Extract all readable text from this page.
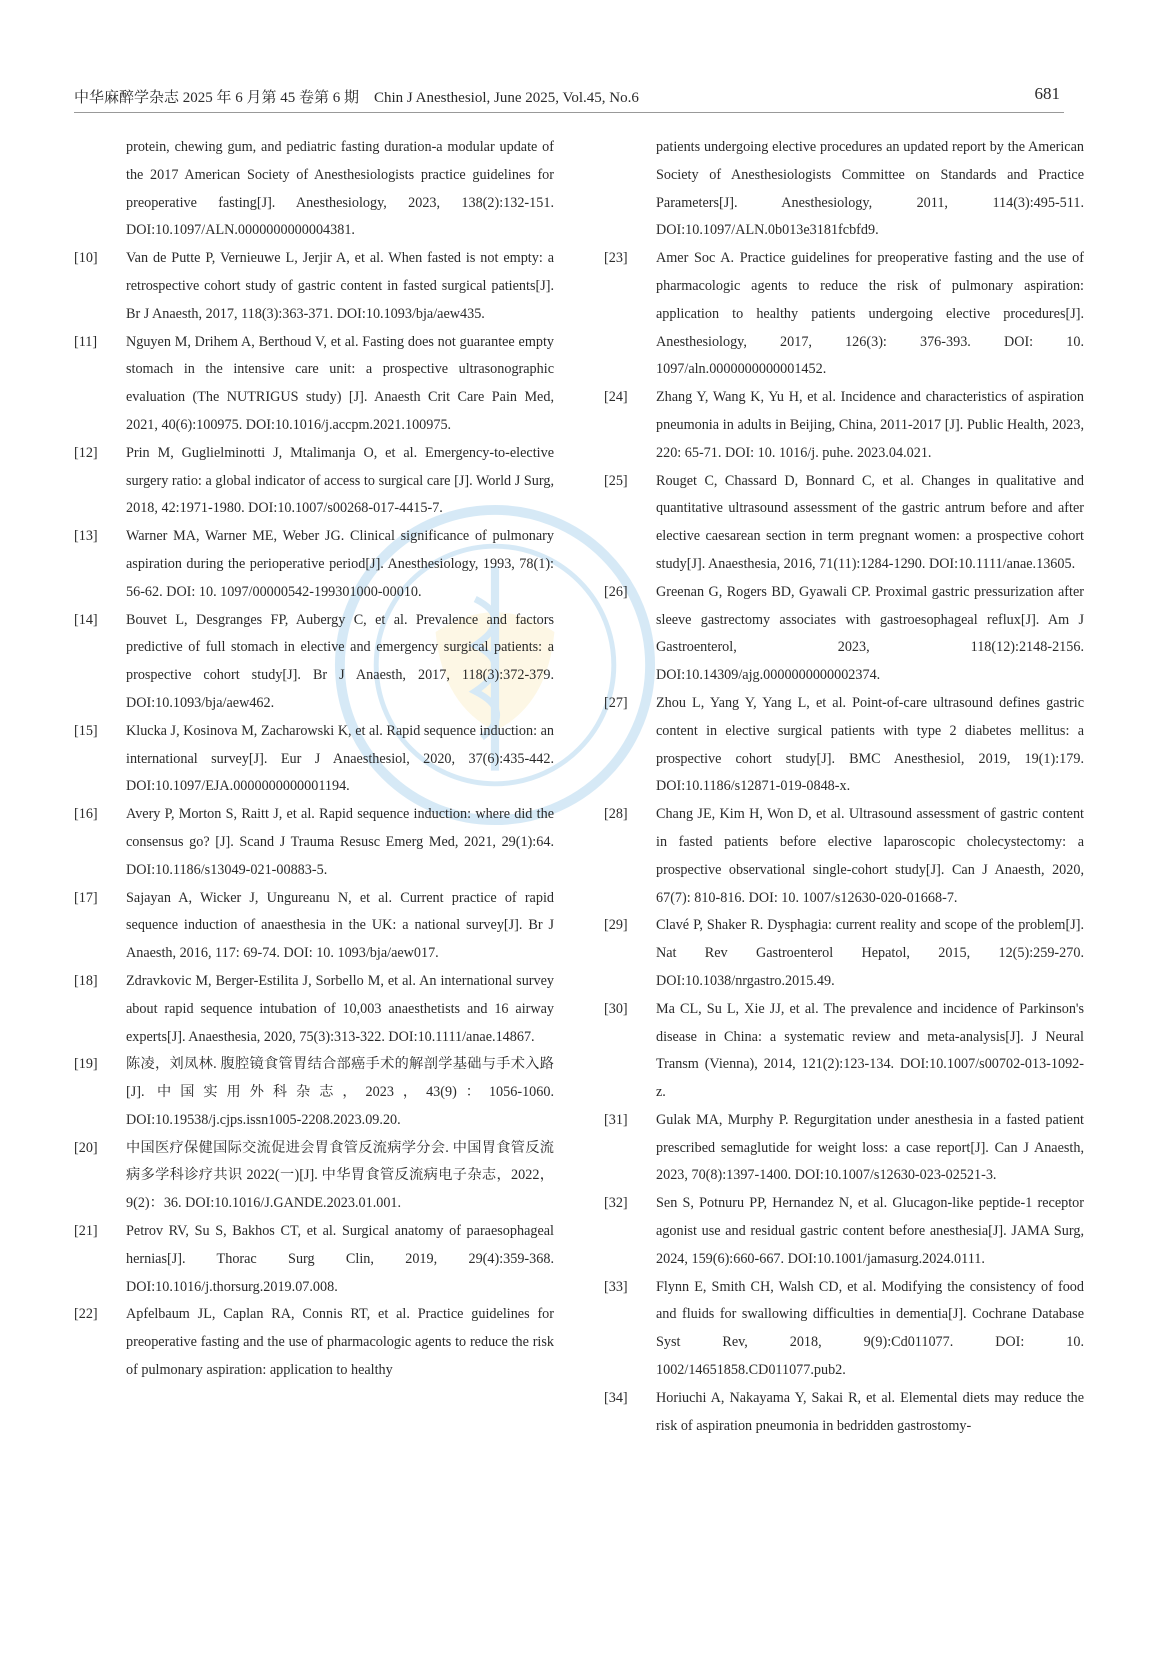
中华麻醉学杂志 2025 年 6 月第 45 卷第 6 期　Chin J Anesthesiol, June 2025, Vol.45, No.6	681
protein, chewing gum, and pediatric fasting duration-a modular update of the 2017 American Society of Anesthesiologists practice guidelines for preoperative fasting[J]. Anesthesiology, 2023, 138(2):132-151. DOI:10.1097/ALN.0000000000004381.
[10] Van de Putte P, Vernieuwe L, Jerjir A, et al. When fasted is not empty: a retrospective cohort study of gastric content in fasted surgical patients[J]. Br J Anaesth, 2017, 118(3):363-371. DOI:10.1093/bja/aew435.
[11] Nguyen M, Drihem A, Berthoud V, et al. Fasting does not guarantee empty stomach in the intensive care unit: a prospective ultrasonographic evaluation (The NUTRIGUS study) [J]. Anaesth Crit Care Pain Med, 2021, 40(6):100975. DOI:10.1016/j.accpm.2021.100975.
[12] Prin M, Guglielminotti J, Mtalimanja O, et al. Emergency-to-elective surgery ratio: a global indicator of access to surgical care [J]. World J Surg, 2018, 42:1971-1980. DOI:10.1007/s00268-017-4415-7.
[13] Warner MA, Warner ME, Weber JG. Clinical significance of pulmonary aspiration during the perioperative period[J]. Anesthesiology, 1993, 78(1): 56-62. DOI: 10. 1097/00000542-199301000-00010.
[14] Bouvet L, Desgranges FP, Aubergy C, et al. Prevalence and factors predictive of full stomach in elective and emergency surgical patients: a prospective cohort study[J]. Br J Anaesth, 2017, 118(3):372-379. DOI:10.1093/bja/aew462.
[15] Klucka J, Kosinova M, Zacharowski K, et al. Rapid sequence induction: an international survey[J]. Eur J Anaesthesiol, 2020, 37(6):435-442. DOI:10.1097/EJA.0000000000001194.
[16] Avery P, Morton S, Raitt J, et al. Rapid sequence induction: where did the consensus go? [J]. Scand J Trauma Resusc Emerg Med, 2021, 29(1):64. DOI:10.1186/s13049-021-00883-5.
[17] Sajayan A, Wicker J, Ungureanu N, et al. Current practice of rapid sequence induction of anaesthesia in the UK: a national survey[J]. Br J Anaesth, 2016, 117: 69-74. DOI: 10. 1093/bja/aew017.
[18] Zdravkovic M, Berger-Estilita J, Sorbello M, et al. An international survey about rapid sequence intubation of 10,003 anaesthetists and 16 airway experts[J]. Anaesthesia, 2020, 75(3):313-322. DOI:10.1111/anae.14867.
[19] 陈凌，刘凤林. 腹腔镜食管胃结合部癌手术的解剖学基础与手术入路[J]. 中国实用外科杂志，2023，43(9)：1056-1060. DOI:10.19538/j.cjps.issn1005-2208.2023.09.20.
[20] 中国医疗保健国际交流促进会胃食管反流病学分会. 中国胃食管反流病多学科诊疗共识 2022(一)[J]. 中华胃食管反流病电子杂志，2022，9(2)：36. DOI:10.1016/J.GANDE.2023.01.001.
[21] Petrov RV, Su S, Bakhos CT, et al. Surgical anatomy of paraesophageal hernias[J]. Thorac Surg Clin, 2019, 29(4):359-368. DOI:10.1016/j.thorsurg.2019.07.008.
[22] Apfelbaum JL, Caplan RA, Connis RT, et al. Practice guidelines for preoperative fasting and the use of pharmacologic agents to reduce the risk of pulmonary aspiration: application to healthy
patients undergoing elective procedures an updated report by the American Society of Anesthesiologists Committee on Standards and Practice Parameters[J]. Anesthesiology, 2011, 114(3):495-511. DOI:10.1097/ALN.0b013e3181fcbfd9.
[23] Amer Soc A. Practice guidelines for preoperative fasting and the use of pharmacologic agents to reduce the risk of pulmonary aspiration: application to healthy patients undergoing elective procedures[J]. Anesthesiology, 2017, 126(3): 376-393. DOI: 10. 1097/aln.0000000000001452.
[24] Zhang Y, Wang K, Yu H, et al. Incidence and characteristics of aspiration pneumonia in adults in Beijing, China, 2011-2017 [J]. Public Health, 2023, 220: 65-71. DOI: 10. 1016/j. puhe. 2023.04.021.
[25] Rouget C, Chassard D, Bonnard C, et al. Changes in qualitative and quantitative ultrasound assessment of the gastric antrum before and after elective caesarean section in term pregnant women: a prospective cohort study[J]. Anaesthesia, 2016, 71(11):1284-1290. DOI:10.1111/anae.13605.
[26] Greenan G, Rogers BD, Gyawali CP. Proximal gastric pressurization after sleeve gastrectomy associates with gastroesophageal reflux[J]. Am J Gastroenterol, 2023, 118(12):2148-2156. DOI:10.14309/ajg.0000000000002374.
[27] Zhou L, Yang Y, Yang L, et al. Point-of-care ultrasound defines gastric content in elective surgical patients with type 2 diabetes mellitus: a prospective cohort study[J]. BMC Anesthesiol, 2019, 19(1):179. DOI:10.1186/s12871-019-0848-x.
[28] Chang JE, Kim H, Won D, et al. Ultrasound assessment of gastric content in fasted patients before elective laparoscopic cholecystectomy: a prospective observational single-cohort study[J]. Can J Anaesth, 2020, 67(7): 810-816. DOI: 10. 1007/s12630-020-01668-7.
[29] Clavé P, Shaker R. Dysphagia: current reality and scope of the problem[J]. Nat Rev Gastroenterol Hepatol, 2015, 12(5):259-270. DOI:10.1038/nrgastro.2015.49.
[30] Ma CL, Su L, Xie JJ, et al. The prevalence and incidence of Parkinson's disease in China: a systematic review and meta-analysis[J]. J Neural Transm (Vienna), 2014, 121(2):123-134. DOI:10.1007/s00702-013-1092-z.
[31] Gulak MA, Murphy P. Regurgitation under anesthesia in a fasted patient prescribed semaglutide for weight loss: a case report[J]. Can J Anaesth, 2023, 70(8):1397-1400. DOI:10.1007/s12630-023-02521-3.
[32] Sen S, Potnuru PP, Hernandez N, et al. Glucagon-like peptide-1 receptor agonist use and residual gastric content before anesthesia[J]. JAMA Surg, 2024, 159(6):660-667. DOI:10.1001/jamasurg.2024.0111.
[33] Flynn E, Smith CH, Walsh CD, et al. Modifying the consistency of food and fluids for swallowing difficulties in dementia[J]. Cochrane Database Syst Rev, 2018, 9(9):Cd011077. DOI: 10. 1002/14651858.CD011077.pub2.
[34] Horiuchi A, Nakayama Y, Sakai R, et al. Elemental diets may reduce the risk of aspiration pneumonia in bedridden gastrostomy-
